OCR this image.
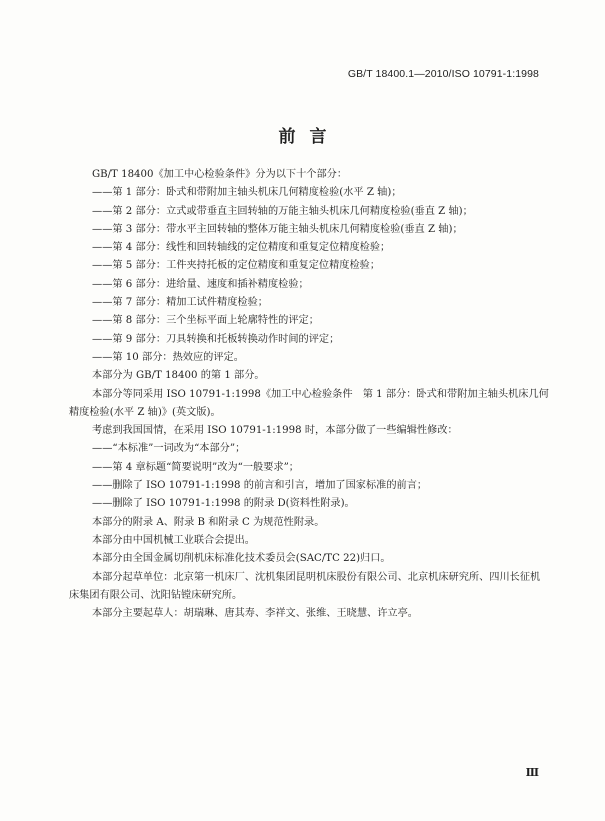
GB/T 18400.1—2010/ISO 10791-1:1998
前言
GB/T 18400《加工中心检验条件》分为以下十个部分：
——第 1 部分：卧式和带附加主轴头机床几何精度检验(水平 Z 轴)；
——第 2 部分：立式或带垂直主回转轴的万能主轴头机床几何精度检验(垂直 Z 轴)；
——第 3 部分：带水平主回转轴的整体万能主轴头机床几何精度检验(垂直 Z 轴)；
——第 4 部分：线性和回转轴线的定位精度和重复定位精度检验；
——第 5 部分：工件夹持托板的定位精度和重复定位精度检验；
——第 6 部分：进给量、速度和插补精度检验；
——第 7 部分：精加工试件精度检验；
——第 8 部分：三个坐标平面上轮廓特性的评定；
——第 9 部分：刀具转换和托板转换动作时间的评定；
——第 10 部分：热效应的评定。
本部分为 GB/T 18400 的第 1 部分。
本部分等同采用 ISO 10791-1:1998《加工中心检验条件　第 1 部分：卧式和带附加主轴头机床几何
精度检验(水平 Z 轴)》(英文版)。
考虑到我国国情，在采用 ISO 10791-1:1998 时，本部分做了一些编辑性修改：
——“本标准”一词改为“本部分”；
——第 4 章标题“简要说明”改为“一般要求”；
——删除了 ISO 10791-1:1998 的前言和引言，增加了国家标准的前言；
——删除了 ISO 10791-1:1998 的附录 D(资料性附录)。
本部分的附录 A、附录 B 和附录 C 为规范性附录。
本部分由中国机械工业联合会提出。
本部分由全国金属切削机床标准化技术委员会(SAC/TC 22)归口。
本部分起草单位：北京第一机床厂、沈机集团昆明机床股份有限公司、北京机床研究所、四川长征机
床集团有限公司、沈阳钻镗床研究所。
本部分主要起草人：胡瑞琳、唐其寿、李祥文、张维、王晓慧、许立亭。
Ⅲ
